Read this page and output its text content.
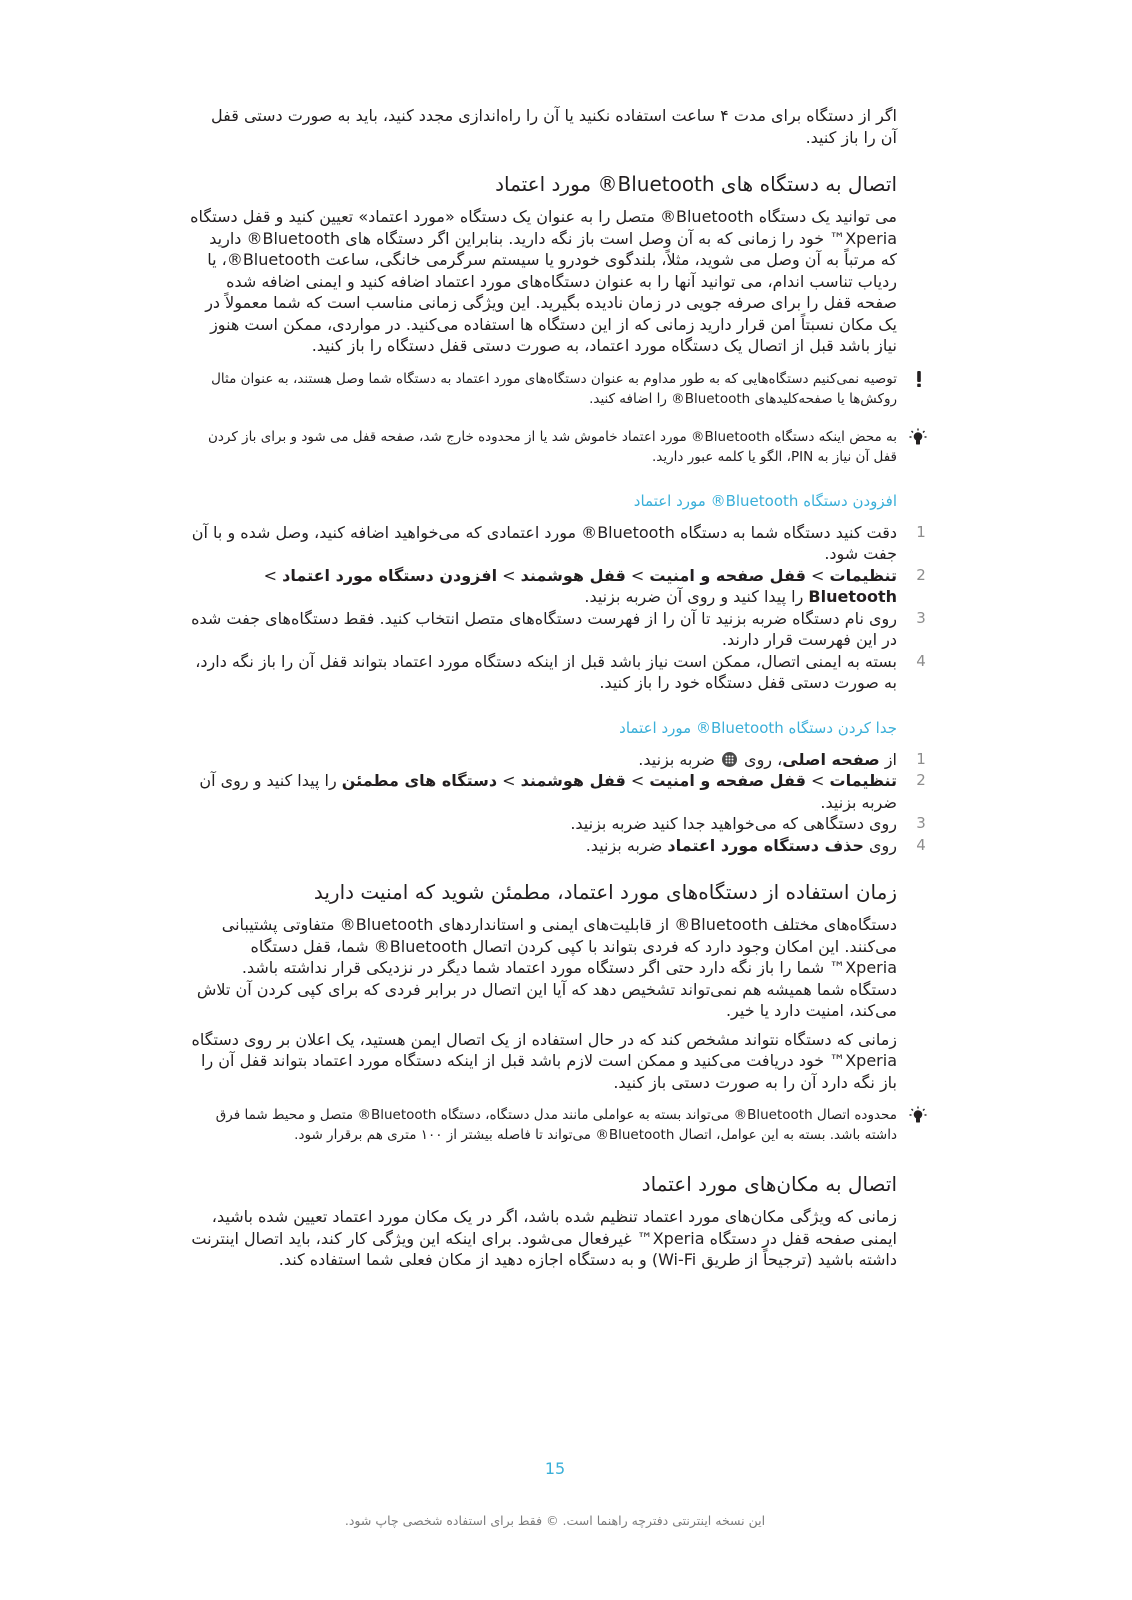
اگر از دستگاه برای مدت ۴ ساعت استفاده نکنید یا آن را راه‌اندازی مجدد کنید، باید به صورت دستی قفل آن را باز کنید.

اتصال به دستگاه های Bluetooth® مورد اعتماد

می توانید یک دستگاه Bluetooth® متصل را به عنوان یک دستگاه «مورد اعتماد» تعیین کنید و قفل دستگاه Xperia™ خود را زمانی که به آن وصل است باز نگه دارید. بنابراین اگر دستگاه های Bluetooth® دارید که مرتباً به آن وصل می شوید، مثلاً، بلندگوی خودرو یا سیستم سرگرمی خانگی، ساعت Bluetooth®، یا ردیاب تناسب اندام، می توانید آنها را به عنوان دستگاه‌های مورد اعتماد اضافه کنید و ایمنی اضافه شده صفحه قفل را برای صرفه جویی در زمان نادیده بگیرید. این ویژگی زمانی مناسب است که شما معمولاً در یک مکان نسبتاً امن قرار دارید زمانی که از این دستگاه ها استفاده می‌کنید. در مواردی، ممکن است هنوز نیاز باشد قبل از اتصال یک دستگاه مورد اعتماد، به صورت دستی قفل دستگاه را باز کنید.

توصیه نمی‌کنیم دستگاه‌هایی که به طور مداوم به عنوان دستگاه‌های مورد اعتماد به دستگاه شما وصل هستند، به عنوان مثال روکش‌ها یا صفحه‌کلیدهای Bluetooth® را اضافه کنید.

به محض اینکه دستگاه Bluetooth® مورد اعتماد خاموش شد یا از محدوده خارج شد، صفحه قفل می شود و برای باز کردن قفل آن نیاز به PIN، الگو یا کلمه عبور دارید.

افزودن دستگاه Bluetooth® مورد اعتماد
1
دقت کنید دستگاه شما به دستگاه Bluetooth® مورد اعتمادی که می‌خواهید اضافه کنید، وصل شده و با آن جفت شود.
2
تنظیمات > قفل صفحه و امنیت > قفل هوشمند > افزودن دستگاه مورد اعتماد > Bluetooth را پیدا کنید و روی آن ضربه بزنید.
3
روی نام دستگاه ضربه بزنید تا آن را از فهرست دستگاه‌های متصل انتخاب کنید. فقط دستگاه‌های جفت شده در این فهرست قرار دارند.
4
بسته به ایمنی اتصال، ممکن است نیاز باشد قبل از اینکه دستگاه مورد اعتماد بتواند قفل آن را باز نگه دارد، به صورت دستی قفل دستگاه خود را باز کنید.
جدا کردن دستگاه Bluetooth® مورد اعتماد
1
از صفحه اصلی، روی  ضربه بزنید.
2
تنظیمات > قفل صفحه و امنیت > قفل هوشمند > دستگاه های مطمئن را پیدا کنید و روی آن ضربه بزنید.
3
روی دستگاهی که می‌خواهید جدا کنید ضربه بزنید.
4
روی حذف دستگاه مورد اعتماد ضربه بزنید.
زمان استفاده از دستگاه‌های مورد اعتماد، مطمئن شوید که امنیت دارید

دستگاه‌های مختلف Bluetooth® از قابلیت‌های ایمنی و استانداردهای Bluetooth® متفاوتی پشتیبانی می‌کنند. این امکان وجود دارد که فردی بتواند با کپی کردن اتصال Bluetooth® شما، قفل دستگاه Xperia™ شما را باز نگه دارد حتی اگر دستگاه مورد اعتماد شما دیگر در نزدیکی قرار نداشته باشد. دستگاه شما همیشه هم نمی‌تواند تشخیص دهد که آیا این اتصال در برابر فردی که برای کپی کردن آن تلاش می‌کند، امنیت دارد یا خیر.

زمانی که دستگاه نتواند مشخص کند که در حال استفاده از یک اتصال ایمن هستید، یک اعلان بر روی دستگاه Xperia™ خود دریافت می‌کنید و ممکن است لازم باشد قبل از اینکه دستگاه مورد اعتماد بتواند قفل آن را باز نگه دارد آن را به صورت دستی باز کنید.

محدوده اتصال Bluetooth® می‌تواند بسته به عواملی مانند مدل دستگاه، دستگاه Bluetooth® متصل و محیط شما فرق داشته باشد. بسته به این عوامل، اتصال Bluetooth® می‌تواند تا فاصله بیشتر از ۱۰۰ متری هم برقرار شود.

اتصال به مکان‌های مورد اعتماد

زمانی که ویژگی مکان‌های مورد اعتماد تنظیم شده باشد، اگر در یک مکان مورد اعتماد تعیین شده باشید، ایمنی صفحه قفل در دستگاه Xperia™ غیرفعال می‌شود. برای اینکه این ویژگی کار کند، باید اتصال اینترنت داشته باشید (ترجیحاً از طریق Wi-Fi) و به دستگاه اجازه دهید از مکان فعلی شما استفاده کند.

15
این نسخه اینترنتی دفترچه راهنما است. © فقط برای استفاده شخصی چاپ شود.
